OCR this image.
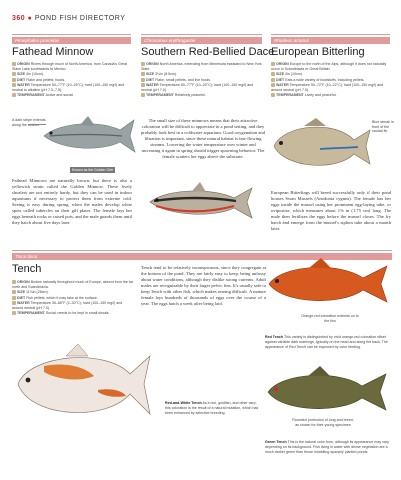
360 ● POND FISH DIRECTORY
Pimephales promelas
Fathead Minnow
ORIGIN Rivers through much of North America, from Canada's Great Slave Lake southwards to Mexico.
SIZE 4in (10cm).
DIET Flake and pellets; foods.
WATER Temperature 50–77°F (10–25°C); hard (100–150 mg/l) and neutral to alkaline (pH 7.0–7.5).
TEMPERAMENT Active and social.
A dark stripe extends along the section
Known as the Golden Orfe
Fathead Minnows are naturally brown, but there is also a yellowish strain called the Golden Minnow. These lively shoalers are not entirely hardy, but they can be used in indoor aquariums if necessary to protect them from extreme cold. Seeing is easy during spring, when the males develop white spots called tubercles on their gill plates. The female lays her eggs beneath rocks or raised pots, and the male guards them until they hatch about five days later.
Chrosomus erythrogaster
Southern Red-Bellied Dace
ORIGIN North America, extending from Minnesota eastward to New York State.
SIZE 3¼in (8.5cm).
DIET Flake, small pellets, and live foods.
WATER Temperature 50–77°F (10–25°C); hard (100–150 mg/l) and neutral (pH 7.0).
TEMPERAMENT Relatively peaceful.
The small size of these minnows means that their attractive coloration will be difficult to appreciate in a pond setting, and they probably look best in a coldwater aquarium. Good oxygenation and filtration is important, since these natural habitat is fast-flowing streams. Lowering the water temperature over winter and increasing it again in spring should trigger spawning behavior. The female scatters her eggs above the substrate.
Rhodeus amarus
European Bitterling
ORIGIN Europe to the north of the Alps, although it does not naturally occur in Scandinavia or Great Britain.
SIZE 4in (10cm).
DIET Eats a wide variety of foodstuffs, including pellets.
WATER Temperature 50–72°F (10–22°C); hard (100–150 mg/l) and around neutral (pH 7.0).
TEMPERAMENT Lively and peaceful.
Blue streak in front of the caudal fin
European Bitterlings will breed successfully only if their pond houses Swan Mussels (Anodonta cygnea). The female has her eggs inside the mussel using her prominent egg-laying tube, or ovipositor, which measures about 1⅝ in (1.75 cm) long. The male then fertilizes the eggs before the mussel closes. The fry hatch and emerge from the mussel's siphon tube about a month later.
Tinca tinca
Tench
ORIGIN Bodies naturally throughout much of Europe, absent from the far north and Scandinavia.
SIZE 11¾in (28cm).
DIET Fish pellets, which it may take at the surface.
WATER Temperature 35–86°F (2–30°C); hard (100–150 mg/l) and around neutral (pH 7.0).
TEMPERAMENT Social; needs to be kept in small shoals.
Tench tend to be relatively inconspicuous, since they congregate at the bottom of the pond. They are fairly easy to keep, being unfussy about water conditions, although they dislike strong currents. Adult males are recognizable by their larger pelvic fins. It's usually safe to keep Tench with other fish, which makes rearing difficult. A mature female lays hundreds of thousands of eggs over the course of a year. The eggs hatch a week after being laid.
Red-and-White Tench As in koi, goldfish, and other carp, this coloration is the result of a natural mutation, which has been enhanced by selective breeding.
Orange-red coloration extends on to the fins
Red Tench This variety is distinguished by vivid orange-red coloration offset against variable dark markings, typically on the head and along the back. The appearance of Red Tench can be improved by color feeding.
Rounded protrusion of long and breed, as shown for their young specimen
Green Tench This is the natural color form, although its appearance may vary depending on its background. Fish living in water with dense vegetation are a much darker green than those inhabiting sparsely planted ponds.
